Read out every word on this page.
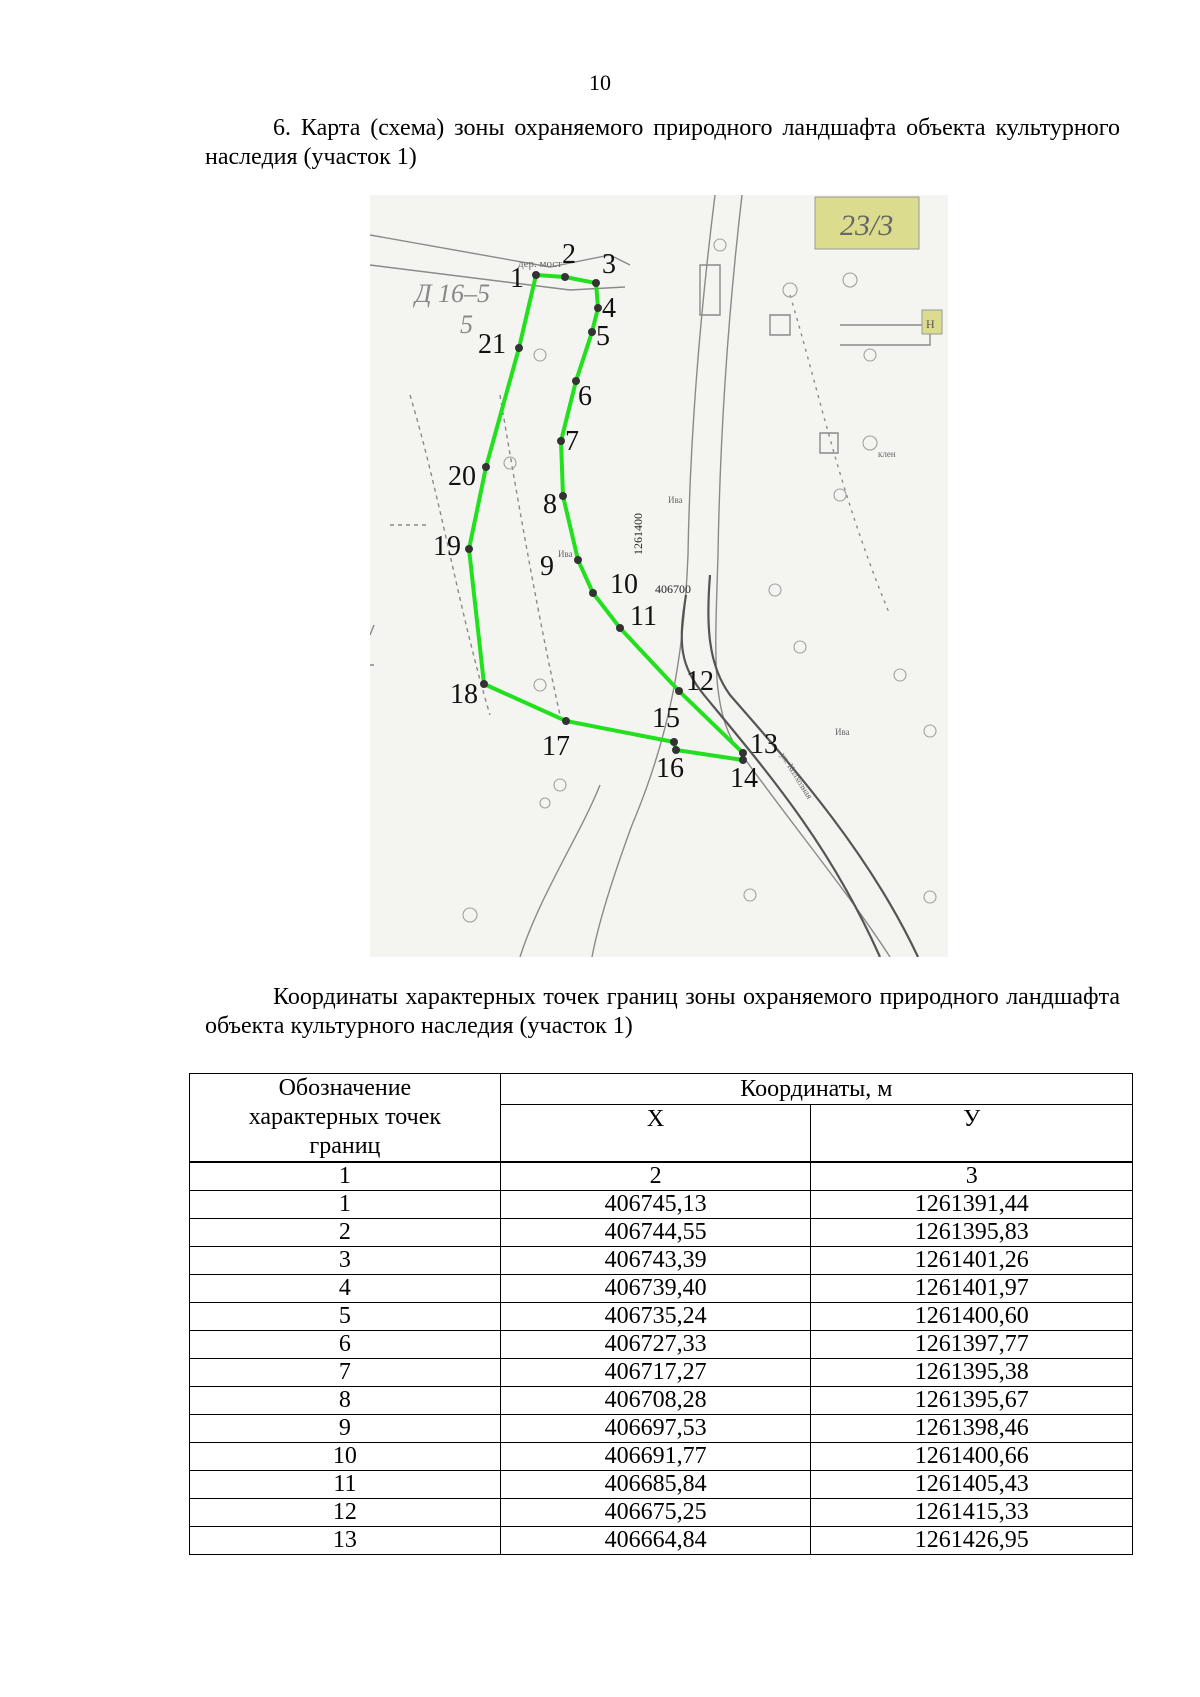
10

6. Карта (схема) зоны охраняемого природного ландшафта объекта культурного наследия (участок 1)

23/3
Н
Д 16–5
5
дер. мост
406700
1261400
Ива
Ива
Ива
клен
ул. Колхозная
1
2 3
4
5
6
7
8
9
10
11
12
13
14
15
16
17
18
19
20
21

Координаты характерных точек границ зоны охраняемого природного ландшафта объекта культурного наследия (участок 1)

Обозначение характерных точек границ	Координаты, м	
	X	У
1	2	3
1	406745,13	1261391,44
2	406744,55	1261395,83
3	406743,39	1261401,26
4	406739,40	1261401,97
5	406735,24	1261400,60
6	406727,33	1261397,77
7	406717,27	1261395,38
8	406708,28	1261395,67
9	406697,53	1261398,46
10	406691,77	1261400,66
11	406685,84	1261405,43
12	406675,25	1261415,33
13	406664,84	1261426,95
